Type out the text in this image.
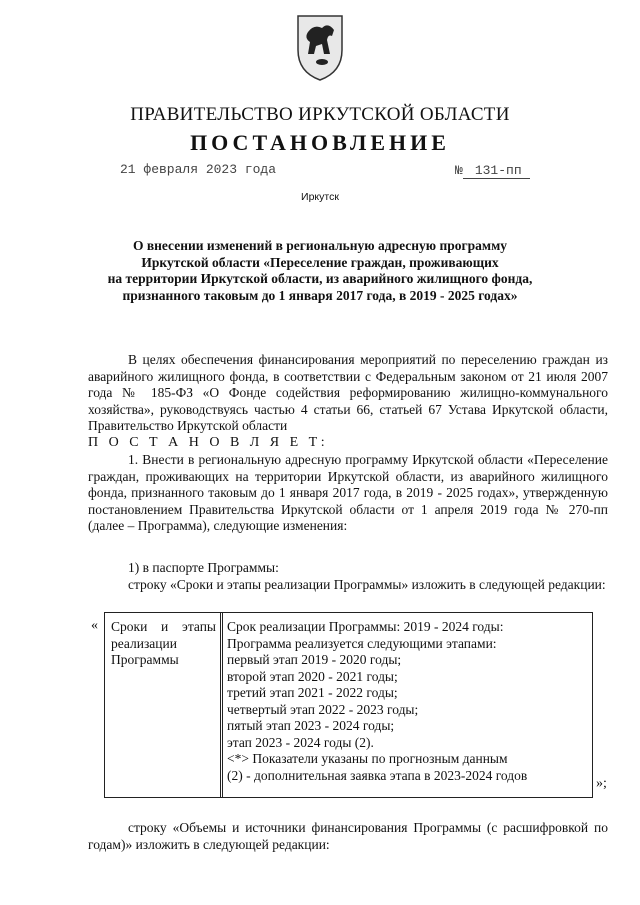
ПРАВИТЕЛЬСТВО ИРКУТСКОЙ ОБЛАСТИ
ПОСТАНОВЛЕНИЕ
21 февраля 2023 года	№ 131-пп
Иркутск
О внесении изменений в региональную адресную программу
Иркутской области «Переселение граждан, проживающих
на территории Иркутской области, из аварийного жилищного фонда,
признанного таковым до 1 января 2017 года, в 2019 - 2025 годах»
В целях обеспечения финансирования мероприятий по переселению граждан из аварийного жилищного фонда, в соответствии с Федеральным законом от 21 июля 2007 года № 185-ФЗ «О Фонде содействия реформированию жилищно-коммунального хозяйства», руководствуясь частью 4 статьи 66, статьей 67 Устава Иркутской области, Правительство Иркутской области
П О С Т А Н О В Л Я Е Т:
1. Внести в региональную адресную программу Иркутской области «Переселение граждан, проживающих на территории Иркутской области, из аварийного жилищного фонда, признанного таковым до 1 января 2017 года, в 2019 - 2025 годах», утвержденную постановлением Правительства Иркутской области от 1 апреля 2019 года № 270-пп (далее – Программа), следующие изменения:
1) в паспорте Программы:
строку «Сроки и этапы реализации Программы» изложить в следующей редакции:
« Сроки и этапы
реализации
Программы
Срок реализации Программы: 2019 - 2024 годы:
Программа реализуется следующими этапами:
первый этап 2019 - 2020 годы;
второй этап 2020 - 2021 годы;
третий этап 2021 - 2022 годы;
четвертый этап 2022 - 2023 годы;
пятый этап 2023 - 2024 годы;
этап 2023 - 2024 годы (2).
<*> Показатели указаны по прогнозным данным
(2) - дополнительная заявка этапа в 2023-2024 годов
»;
строку «Объемы и источники финансирования Программы (с расшифровкой по годам)» изложить в следующей редакции:
